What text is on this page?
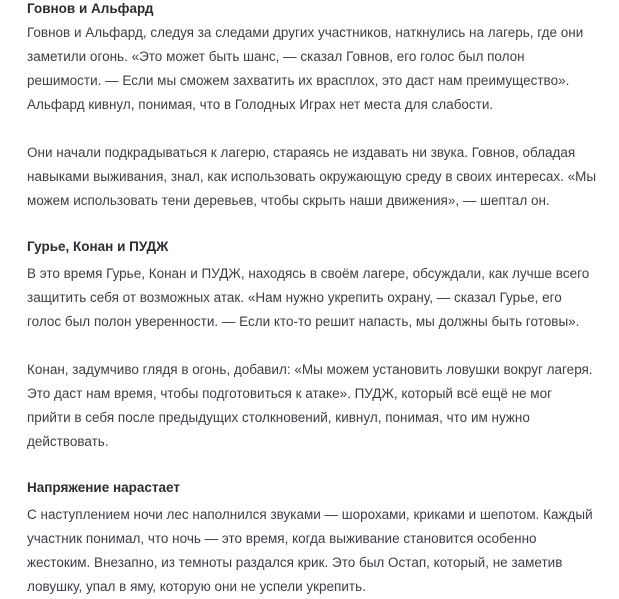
Говнов и Альфард

Говнов и Альфард, следуя за следами других участников, наткнулись на лагерь, где они заметили огонь. «Это может быть шанс, — сказал Говнов, его голос был полон решимости. — Если мы сможем захватить их врасплох, это даст нам преимущество». Альфард кивнул, понимая, что в Голодных Играх нет места для слабости.

Они начали подкрадываться к лагерю, стараясь не издавать ни звука. Говнов, обладая навыками выживания, знал, как использовать окружающую среду в своих интересах. «Мы можем использовать тени деревьев, чтобы скрыть наши движения», — шептал он.

Гурье, Конан и ПУДЖ

В это время Гурье, Конан и ПУДЖ, находясь в своём лагере, обсуждали, как лучше всего защитить себя от возможных атак. «Нам нужно укрепить охрану, — сказал Гурье, его голос был полон уверенности. — Если кто-то решит напасть, мы должны быть готовы».

Конан, задумчиво глядя в огонь, добавил: «Мы можем установить ловушки вокруг лагеря. Это даст нам время, чтобы подготовиться к атаке». ПУДЖ, который всё ещё не мог прийти в себя после предыдущих столкновений, кивнул, понимая, что им нужно действовать.

Напряжение нарастает

С наступлением ночи лес наполнился звуками — шорохами, криками и шепотом. Каждый участник понимал, что ночь — это время, когда выживание становится особенно жестоким. Внезапно, из темноты раздался крик. Это был Остап, который, не заметив ловушку, упал в яму, которую они не успели укрепить.
